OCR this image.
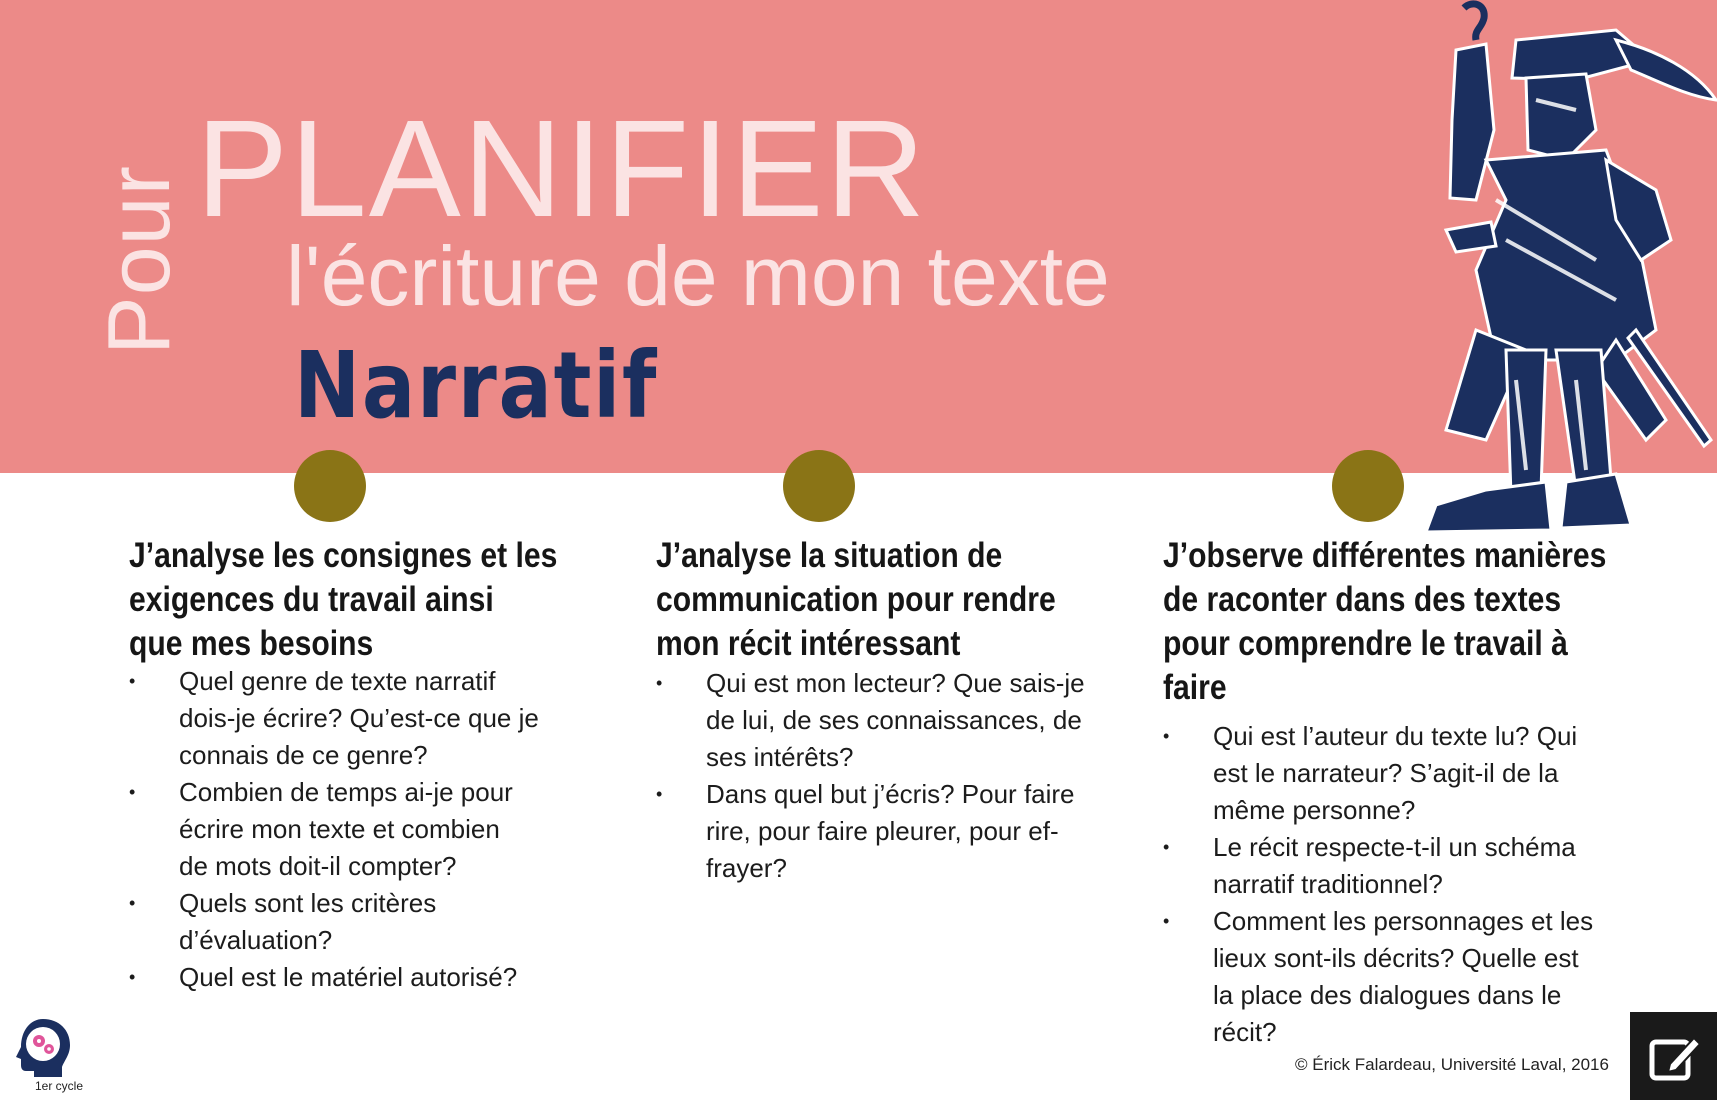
Pour PLANIFIER
l'écriture de mon texte
Narratif
J’analyse les consignes et les
exigences du travail ainsi
que mes besoins
• Quel genre de texte narratif
dois-je écrire? Qu’est-ce que je
connais de ce genre?
• Combien de temps ai-je pour
écrire mon texte et combien
de mots doit-il compter?
• Quels sont les critères
d’évaluation?
• Quel est le matériel autorisé?
J’analyse la situation de
communication pour rendre
mon récit intéressant
• Qui est mon lecteur? Que sais-je
de lui, de ses connaissances, de
ses intérêts?
• Dans quel but j’écris? Pour faire
rire, pour faire pleurer, pour ef-
frayer?
J’observe différentes manières
de raconter dans des textes
pour comprendre le travail à
faire
• Qui est l’auteur du texte lu? Qui
est le narrateur? S’agit-il de la
même personne?
• Le récit respecte-t-il un schéma
narratif traditionnel?
• Comment les personnages et les
lieux sont-ils décrits? Quelle est
la place des dialogues dans le
récit?
1er cycle
© Érick Falardeau, Université Laval, 2016
